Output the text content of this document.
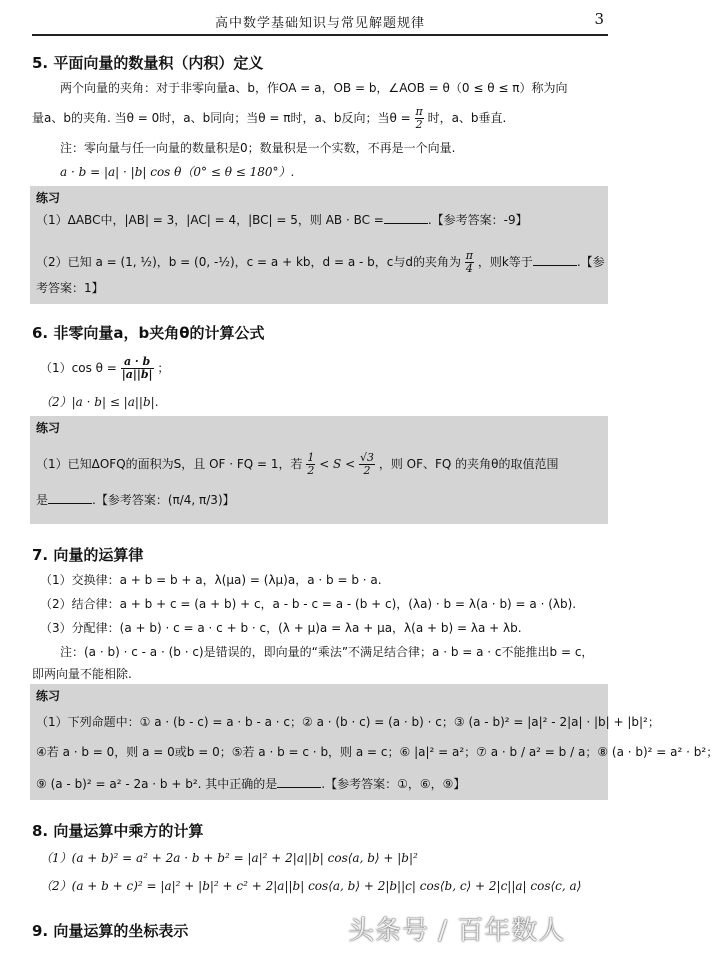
高中数学基础知识与常见解题规律	3
5. 平面向量的数量积（内积）定义
两个向量的夹角：对于非零向量a、b，作OA = a，OB = b，∠AOB = θ（0 ≤ θ ≤ π）称为向
量a、b的夹角. 当θ = 0时，a、b同向；当θ = π时，a、b反向；当$\theta = \frac{\pi}{2}$ 时，a、b垂直.
注：零向量与任一向量的数量积是0；数量积是一个实数，不再是一个向量.
a · b = |a| · |b| cos θ（0° ≤ θ ≤ 180°）.
练习
（1）ΔABC中，|AB| = 3，|AC| = 4，|BC| = 5，则 AB · BC =	.【参考答案：-9】
（2）已知 a = (1, ½)，b = (0, -½)，c = a + kb，d = a - b，c与d的夹角为 $\frac{\pi}{4}$ ，则k等于	.【参
考答案：1】
6. 非零向量a，b夹角θ的计算公式
（1）cos $\theta = \frac{a \cdot b}{|a||b|}$ ；
（2）|a · b| ≤ |a||b|.
练习
（1）已知ΔOFQ的面积为S，且 OF · FQ = 1，若 $\frac{1}{2} < S < \frac{√3}{2}$ ，则 OF、FQ 的夹角θ的取值范围
是	.【参考答案：(π/4, π/3)】
7. 向量的运算律
（1）交换律：a + b = b + a，λ(μa) = (λμ)a，a · b = b · a.
（2）结合律：a + b + c = (a + b) + c，a - b - c = a - (b + c)，(λa) · b = λ(a · b) = a · (λb).
（3）分配律：(a + b) · c = a · c + b · c，(λ + μ)a = λa + μa，λ(a + b) = λa + λb.
注：(a · b) · c - a · (b · c)是错误的，即向量的“乘法”不满足结合律；a · b = a · c不能推出b = c，
即两向量不能相除.
练习
（1）下列命题中：① a · (b - c) = a · b - a · c；② a · (b · c) = (a · b) · c；③ (a - b)² = |a|² - 2|a| · |b| + |b|²；
④若 a · b = 0，则 a = 0或b = 0；⑤若 a · b = c · b，则 a = c；⑥ |a|² = a²；⑦ a · b / a² = b / a；⑧ (a · b)² = a² · b²；
⑨ (a - b)² = a² - 2a · b + b². 其中正确的是	.【参考答案：①，⑥，⑨】
8. 向量运算中乘方的计算
（1）(a + b)² = a² + 2a · b + b² = |a|² + 2|a||b| cos⟨a, b⟩ + |b|²
（2）(a + b + c)² = |a|² + |b|² + c² + 2|a||b| cos⟨a, b⟩ + 2|b||c| cos⟨b, c⟩ + 2|c||a| cos⟨c, a⟩
9. 向量运算的坐标表示	头条号 / 百年数人
